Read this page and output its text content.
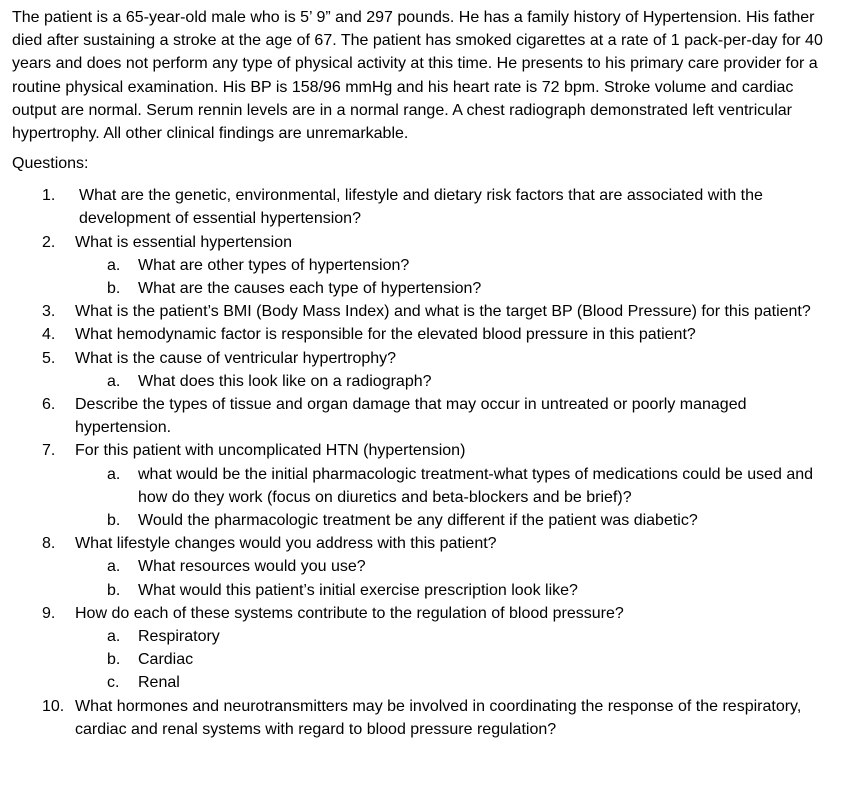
The patient is a 65-year-old male who is 5’ 9” and 297 pounds. He has a family history of Hypertension. His father died after sustaining a stroke at the age of 67. The patient has smoked cigarettes at a rate of 1 pack-per-day for 40 years and does not perform any type of physical activity at this time. He presents to his primary care provider for a routine physical examination. His BP is 158/96 mmHg and his heart rate is 72 bpm. Stroke volume and cardiac output are normal. Serum rennin levels are in a normal range. A chest radiograph demonstrated left ventricular hypertrophy. All other clinical findings are unremarkable.

Questions:

1. What are the genetic, environmental, lifestyle and dietary risk factors that are associated with the development of essential hypertension?
2. What is essential hypertension
a. What are other types of hypertension?
b. What are the causes each type of hypertension?
3. What is the patient’s BMI (Body Mass Index) and what is the target BP (Blood Pressure) for this patient?
4. What hemodynamic factor is responsible for the elevated blood pressure in this patient?
5. What is the cause of ventricular hypertrophy?
a. What does this look like on a radiograph?
6. Describe the types of tissue and organ damage that may occur in untreated or poorly managed hypertension.
7. For this patient with uncomplicated HTN (hypertension)
a. what would be the initial pharmacologic treatment-what types of medications could be used and how do they work (focus on diuretics and beta-blockers and be brief)?
b. Would the pharmacologic treatment be any different if the patient was diabetic?
8. What lifestyle changes would you address with this patient?
a. What resources would you use?
b. What would this patient’s initial exercise prescription look like?
9. How do each of these systems contribute to the regulation of blood pressure?
a. Respiratory
b. Cardiac
c. Renal
10. What hormones and neurotransmitters may be involved in coordinating the response of the respiratory, cardiac and renal systems with regard to blood pressure regulation?
